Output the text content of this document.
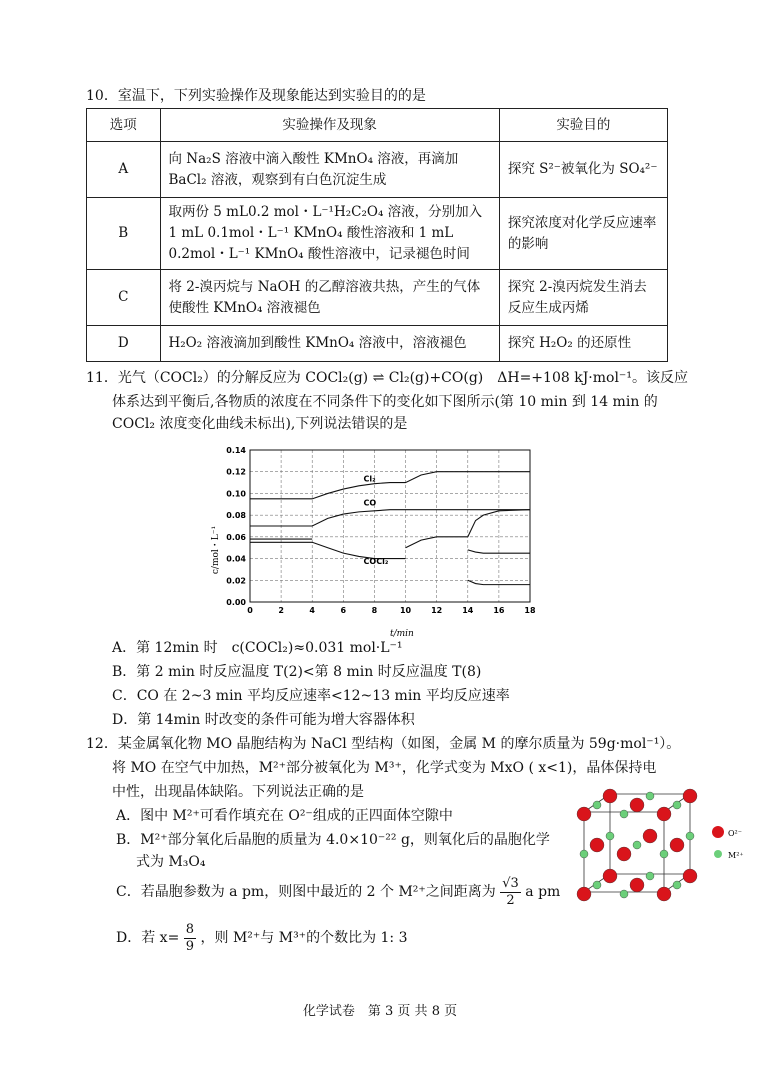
10．室温下，下列实验操作及现象能达到实验目的的是
选项	实验操作及现象	实验目的
A	向 Na₂S 溶液中滴入酸性 KMnO₄ 溶液，再滴加 BaCl₂ 溶液，观察到有白色沉淀生成	探究 S²⁻被氧化为 SO₄²⁻
B	取两份 5 mL0.2 mol・L⁻¹H₂C₂O₄ 溶液，分别加入 1 mL 0.1mol・L⁻¹ KMnO₄ 酸性溶液和 1 mL 0.2mol・L⁻¹ KMnO₄ 酸性溶液中，记录褪色时间	探究浓度对化学反应速率的影响
C	将 2-溴丙烷与 NaOH 的乙醇溶液共热，产生的气体使酸性 KMnO₄ 溶液褪色	探究 2-溴丙烷发生消去反应生成丙烯
D	H₂O₂ 溶液滴加到酸性 KMnO₄ 溶液中，溶液褪色	探究 H₂O₂ 的还原性
11．光气（COCl₂）的分解反应为 COCl₂(g) ⇌ Cl₂(g)+CO(g)　ΔH=+108 kJ·mol⁻¹。该反应
体系达到平衡后,各物质的浓度在不同条件下的变化如下图所示(第 10 min 到 14 min 的
COCl₂ 浓度变化曲线未标出),下列说法错误的是
0	2	4	6	8	10 12 14 16 18
0.00
0.02
0.04
0.06
0.08
0.10
0.12
0.14
t/min
c/mol・L⁻¹
Cl₂
CO
COCl₂
A．第 12min 时　c(COCl₂)≈0.031 mol·L⁻¹
B．第 2 min 时反应温度 T(2)<第 8 min 时反应温度 T(8)
C．CO 在 2~3 min 平均反应速率<12~13 min 平均反应速率
D．第 14min 时改变的条件可能为增大容器体积
12．某金属氧化物 MO 晶胞结构为 NaCl 型结构（如图，金属 M 的摩尔质量为 59g·mol⁻¹）。
将 MO 在空气中加热，M²⁺部分被氧化为 M³⁺，化学式变为 MxO ( x<1)，晶体保持电
中性，出现晶体缺陷。下列说法正确的是
A．图中 M²⁺可看作填充在 O²⁻组成的正四面体空隙中
B．M²⁺部分氧化后晶胞的质量为 4.0×10⁻²² g，则氧化后的晶胞化学
式为 M₃O₄
C．若晶胞参数为 a pm，则图中最近的 2 个 M²⁺之间距离为 $\frac{√3}{2}$ a pm
D．若 $x= \frac{8}{9}$ ，则 M²⁺与 M³⁺的个数比为 1: 3
O²⁻
M²⁺
化学试卷　第 3 页 共 8 页
